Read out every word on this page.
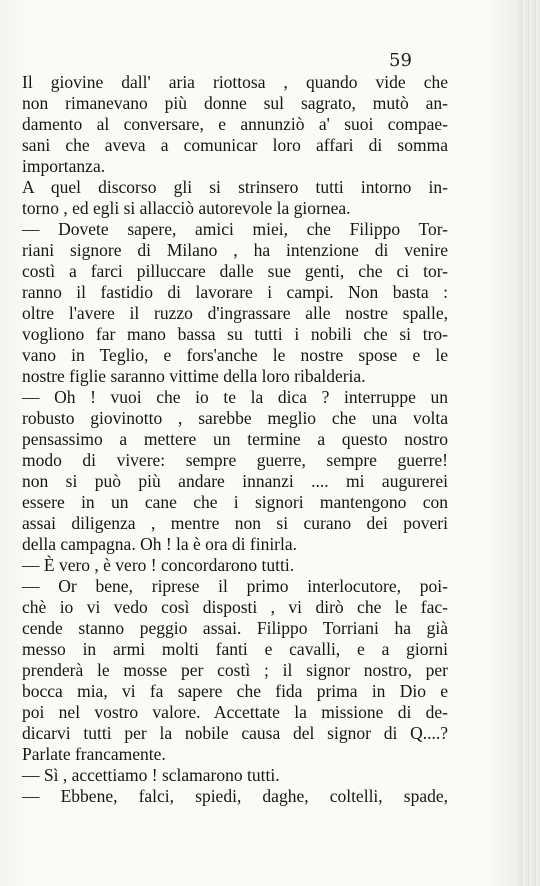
59
Il giovine dall' aria riottosa , quando vide che
non rimanevano più donne sul sagrato, mutò an-
damento al conversare, e annunziò a' suoi compae-
sani che aveva a comunicar loro affari di somma
importanza.
A quel discorso gli si strinsero tutti intorno in-
torno , ed egli si allacciò autorevole la giornea.
— Dovete sapere, amici miei, che Filippo Tor-
riani signore di Milano , ha intenzione di venire
costì a farci pilluccare dalle sue genti, che ci tor-
ranno il fastidio di lavorare i campi. Non basta :
oltre l'avere il ruzzo d'ingrassare alle nostre spalle,
vogliono far mano bassa su tutti i nobili che si tro-
vano in Teglio, e fors'anche le nostre spose e le
nostre figlie saranno vittime della loro ribalderia.
— Oh ! vuoi che io te la dica ? interruppe un
robusto giovinotto , sarebbe meglio che una volta
pensassimo a mettere un termine a questo nostro
modo di vivere: sempre guerre, sempre guerre!
non si può più andare innanzi .... mi augurerei
essere in un cane che i signori mantengono con
assai diligenza , mentre non si curano dei poveri
della campagna. Oh ! la è ora di finirla.
— È vero , è vero ! concordarono tutti.
— Or bene, riprese il primo interlocutore, poi-
chè io vi vedo così disposti , vi dirò che le fac-
cende stanno peggio assai. Filippo Torriani ha già
messo in armi molti fanti e cavalli, e a giorni
prenderà le mosse per costì ; il signor nostro, per
bocca mia, vi fa sapere che fida prima in Dio e
poi nel vostro valore. Accettate la missione di de-
dicarvi tutti per la nobile causa del signor di Q....?
Parlate francamente.
— Sì , accettiamo ! sclamarono tutti.
— Ebbene, falci, spiedi, daghe, coltelli, spade,
